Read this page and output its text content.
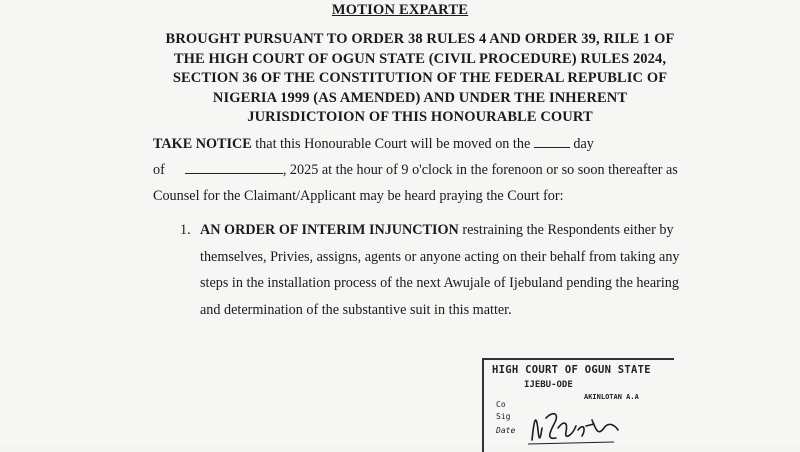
MOTION EXPARTE
BROUGHT PURSUANT TO ORDER 38 RULES 4 AND ORDER 39, RILE 1 OF
THE HIGH COURT OF OGUN STATE (CIVIL PROCEDURE) RULES 2024,
SECTION 36 OF THE CONSTITUTION OF THE FEDERAL REPUBLIC OF
NIGERIA 1999 (AS AMENDED) AND UNDER THE INHERENT
JURISDICTOION OF THIS HONOURABLE COURT
TAKE NOTICE that this Honourable Court will be moved on the	day
of	, 2025 at the hour of 9 o'clock in the forenoon or so soon thereafter as
Counsel for the Claimant/Applicant may be heard praying the Court for:
1. AN ORDER OF INTERIM INJUNCTION restraining the Respondents either by
themselves, Privies, assigns, agents or anyone acting on their behalf from taking any
steps in the installation process of the next Awujale of Ijebuland pending the hearing
and determination of the substantive suit in this matter.
HIGH COURT OF OGUN STATE
IJEBU-ODE
AKINLOTAN A.A
Co
Sig
Date
